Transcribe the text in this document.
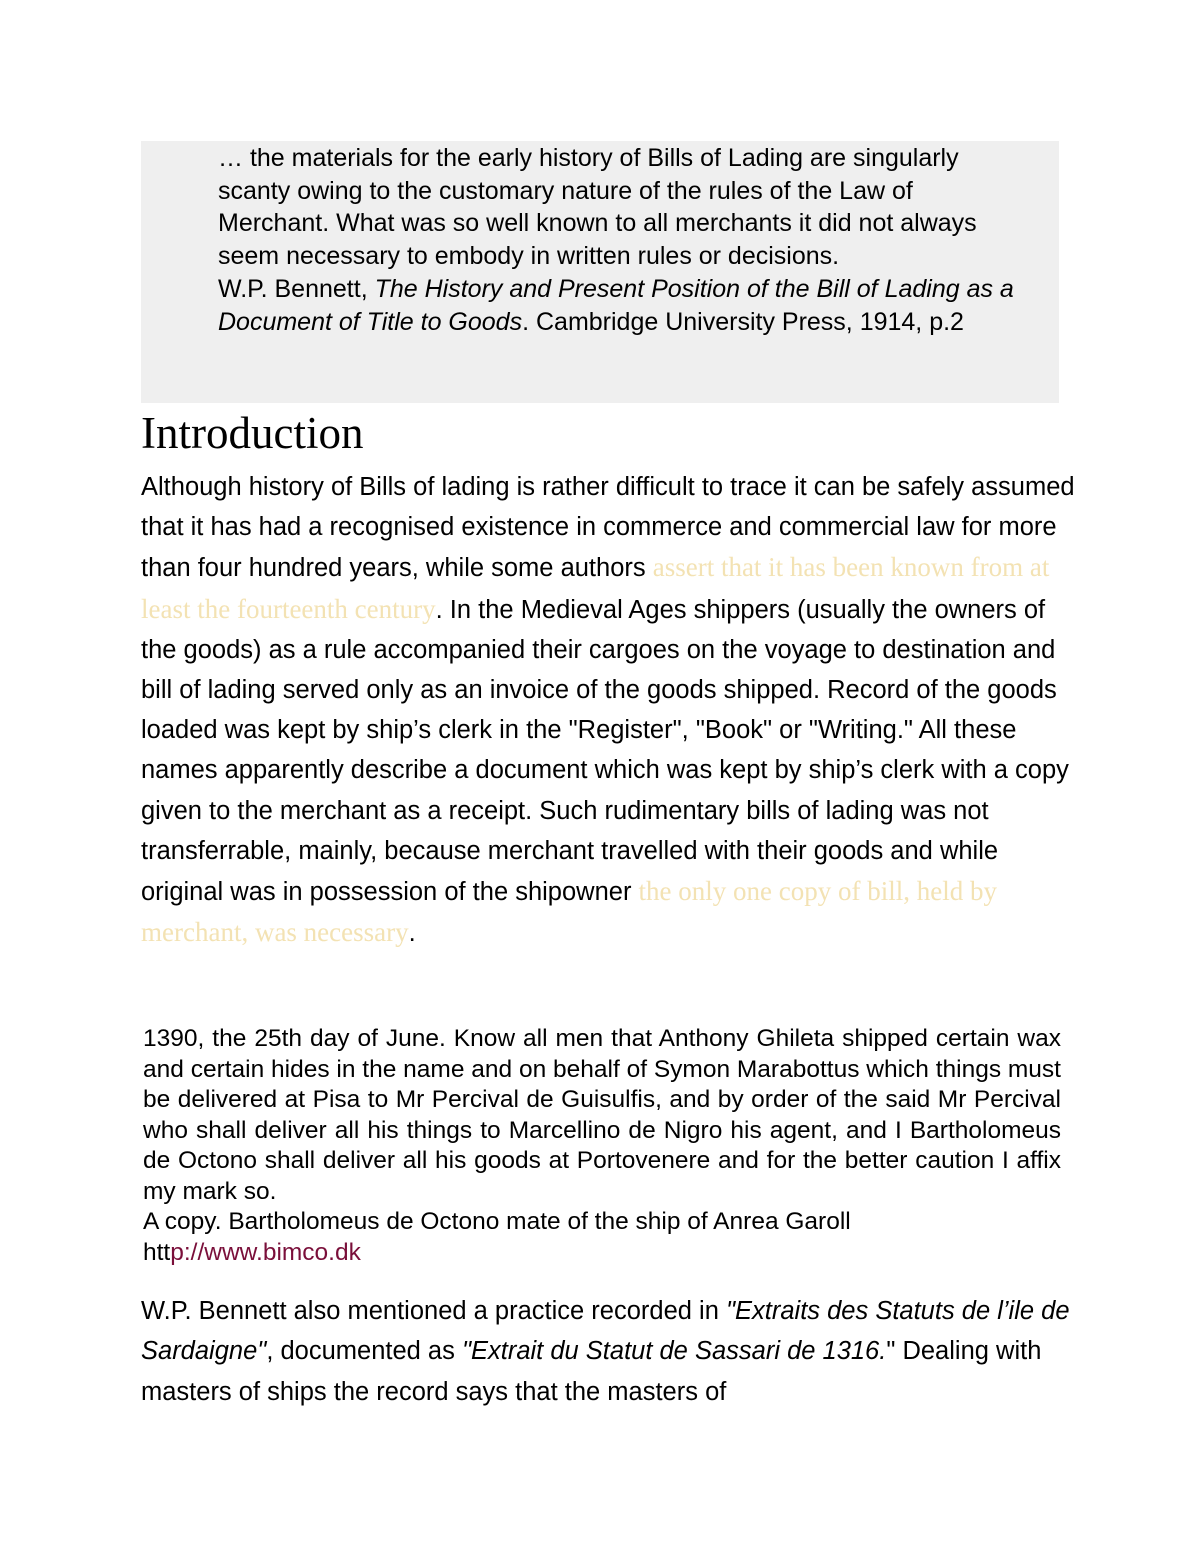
… the materials for the early history of Bills of Lading are singularly scanty owing to the customary nature of the rules of the Law of Merchant. What was so well known to all merchants it did not always seem necessary to embody in written rules or decisions.

W.P. Bennett, The History and Present Position of the Bill of Lading as a Document of Title to Goods. Cambridge University Press, 1914, p.2

Introduction
Although history of Bills of lading is rather difficult to trace it can be safely assumed that it has had a recognised existence in commerce and commercial law for more than four hundred years, while some authors assert that it has been known from at least the fourteenth century. In the Medieval Ages shippers (usually the owners of the goods) as a rule accompanied their cargoes on the voyage to destination and bill of lading served only as an invoice of the goods shipped. Record of the goods loaded was kept by ship’s clerk in the "Register", "Book" or "Writing." All these names apparently describe a document which was kept by ship’s clerk with a copy given to the merchant as a receipt. Such rudimentary bills of lading was not transferrable, mainly, because merchant travelled with their goods and while original was in possession of the shipowner the only one copy of bill, held by merchant, was necessary.

1390, the 25th day of June. Know all men that Anthony Ghileta shipped certain wax and certain hides in the name and on behalf of Symon Marabottus which things must be delivered at Pisa to Mr Percival de Guisulfis, and by order of the said Mr Percival who shall deliver all his things to Marcellino de Nigro his agent, and I Bartholomeus de Octono shall deliver all his goods at Portovenere and for the better caution I affix my mark so.

A copy. Bartholomeus de Octono mate of the ship of Anrea Garoll

http://www.bimco.dk

W.P. Bennett also mentioned a practice recorded in "Extraits des Statuts de l’ile de Sardaigne", documented as "Extrait du Statut de Sassari de 1316." Dealing with masters of ships the record says that the masters of
